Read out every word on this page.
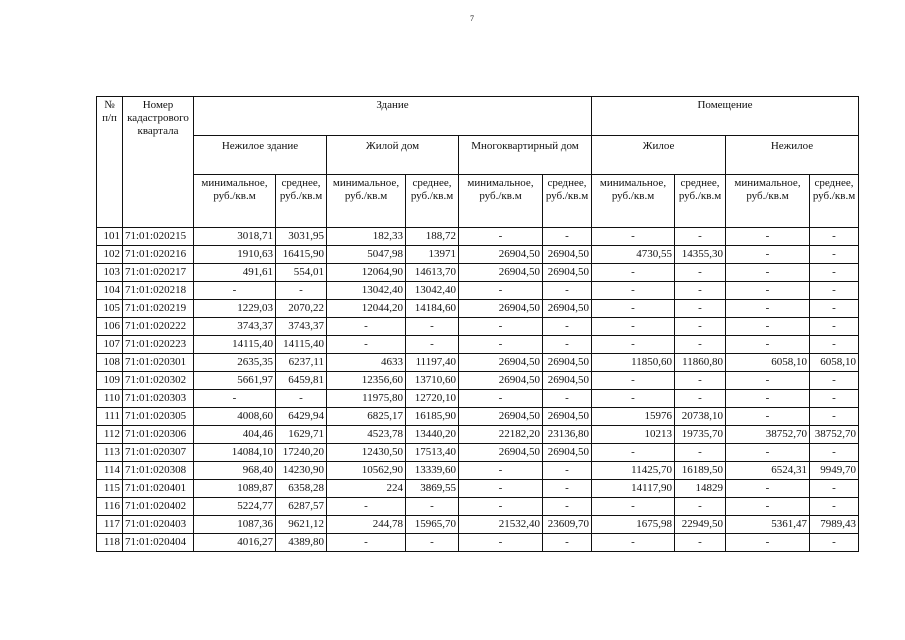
7
№ п/п	Номер кадастрового квартала	Здание						Помещение			
		Нежилое здание		Жилой дом		Многоквартирный дом		Жилое		Нежилое	
		минимальное, руб./кв.м	среднее, руб./кв.м	минимальное, руб./кв.м	среднее, руб./кв.м	минимальное, руб./кв.м	среднее, руб./кв.м	минимальное, руб./кв.м	среднее, руб./кв.м	минимальное, руб./кв.м	среднее, руб./кв.м
101	71:01:020215	3018,71	3031,95	182,33	188,72	-	-	-	-	-	-
102	71:01:020216	1910,63	16415,90	5047,98	13971	26904,50	26904,50	4730,55	14355,30	-	-
103	71:01:020217	491,61	554,01	12064,90	14613,70	26904,50	26904,50	-	-	-	-
104	71:01:020218	-	-	13042,40	13042,40	-	-	-	-	-	-
105	71:01:020219	1229,03	2070,22	12044,20	14184,60	26904,50	26904,50	-	-	-	-
106	71:01:020222	3743,37	3743,37	-	-	-	-	-	-	-	-
107	71:01:020223	14115,40	14115,40	-	-	-	-	-	-	-	-
108	71:01:020301	2635,35	6237,11	4633	11197,40	26904,50	26904,50	11850,60	11860,80	6058,10	6058,10
109	71:01:020302	5661,97	6459,81	12356,60	13710,60	26904,50	26904,50	-	-	-	-
110	71:01:020303	-	-	11975,80	12720,10	-	-	-	-	-	-
111	71:01:020305	4008,60	6429,94	6825,17	16185,90	26904,50	26904,50	15976	20738,10	-	-
112	71:01:020306	404,46	1629,71	4523,78	13440,20	22182,20	23136,80	10213	19735,70	38752,70	38752,70
113	71:01:020307	14084,10	17240,20	12430,50	17513,40	26904,50	26904,50	-	-	-	-
114	71:01:020308	968,40	14230,90	10562,90	13339,60	-	-	11425,70	16189,50	6524,31	9949,70
115	71:01:020401	1089,87	6358,28	224	3869,55	-	-	14117,90	14829	-	-
116	71:01:020402	5224,77	6287,57	-	-	-	-	-	-	-	-
117	71:01:020403	1087,36	9621,12	244,78	15965,70	21532,40	23609,70	1675,98	22949,50	5361,47	7989,43
118	71:01:020404	4016,27	4389,80	-	-	-	-	-	-	-	-
